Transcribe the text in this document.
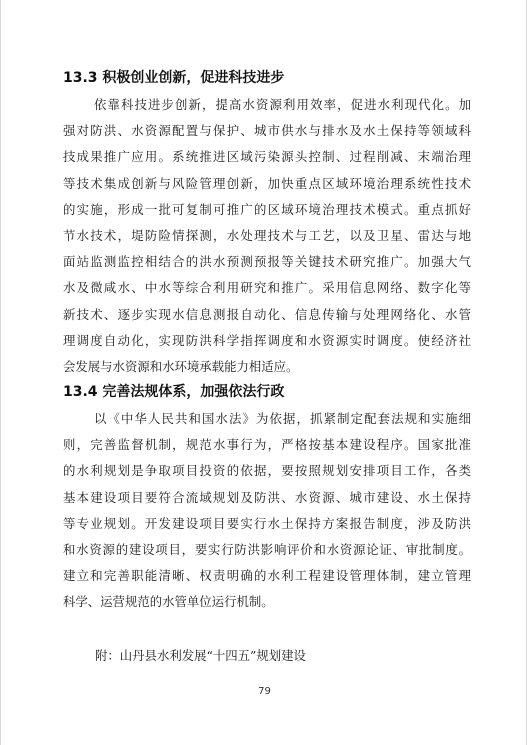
13.3 积极创业创新，促进科技进步
依靠科技进步创新，提高水资源利用效率，促进水利现代化。加
强对防洪、水资源配置与保护、城市供水与排水及水土保持等领域科
技成果推广应用。系统推进区域污染源头控制、过程削减、末端治理
等技术集成创新与风险管理创新，加快重点区域环境治理系统性技术
的实施，形成一批可复制可推广的区域环境治理技术模式。重点抓好
节水技术，堤防险情探测，水处理技术与工艺，以及卫星、雷达与地
面站监测监控相结合的洪水预测预报等关键技术研究推广。加强大气
水及微咸水、中水等综合利用研究和推广。采用信息网络、数字化等
新技术、逐步实现水信息测报自动化、信息传输与处理网络化、水管
理调度自动化，实现防洪科学指挥调度和水资源实时调度。使经济社
会发展与水资源和水环境承载能力相适应。
13.4 完善法规体系，加强依法行政
以《中华人民共和国水法》为依据，抓紧制定配套法规和实施细
则，完善监督机制，规范水事行为，严格按基本建设程序。国家批准
的水利规划是争取项目投资的依据，要按照规划安排项目工作，各类
基本建设项目要符合流域规划及防洪、水资源、城市建设、水土保持
等专业规划。开发建设项目要实行水土保持方案报告制度，涉及防洪
和水资源的建设项目，要实行防洪影响评价和水资源论证、审批制度。
建立和完善职能清晰、权责明确的水利工程建设管理体制，建立管理
科学、运营规范的水管单位运行机制。
附：山丹县水利发展“十四五”规划建设
79
